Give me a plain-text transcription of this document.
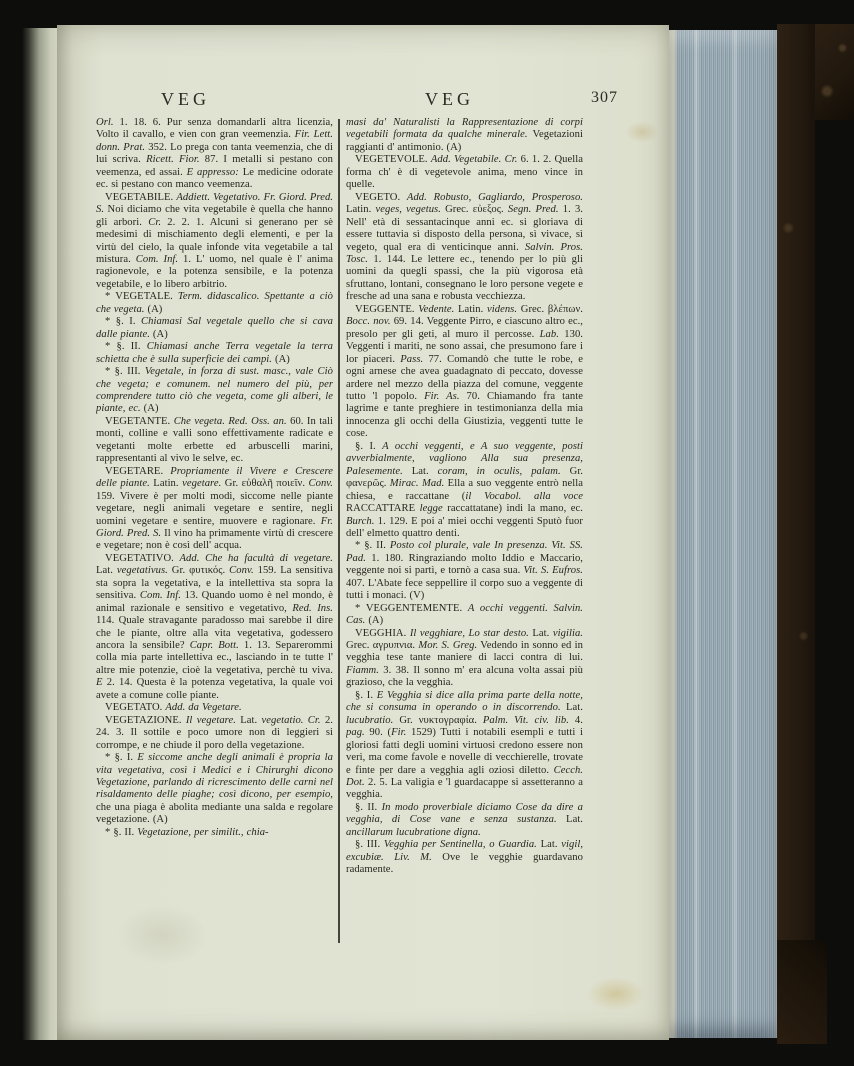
VEG	VEG	307

Orl. 1. 18. 6. Pur senza domandarli altra licenzia, Volto il cavallo, e vien con gran veemenzia. Fir. Lett. donn. Prat. 352. Lo prega con tanta veemenzia, che di lui scriva. Ricett. Fior. 87. I metalli si pestano con veemenza, ed assai. E appresso: Le medicine odorate ec. si pestano con manco veemenza.

VEGETABILE. Addiett. Vegetativo. Fr. Giord. Pred. S. Noi diciamo che vita vegetabile è quella che hanno gli arbori. Cr. 2. 2. 1. Alcuni si generano per sè medesimi di mischiamento degli elementi, e per la virtù del cielo, la quale infonde vita vegetabile a tal mistura. Com. Inf. 1. L' uomo, nel quale è l' anima ragionevole, e la potenza sensibile, e la potenza vegetabile, e lo libero arbitrio.

* VEGETALE. Term. didascalico. Spettante a ciò che vegeta. (A)

* §. I. Chiamasi Sal vegetale quello che si cava dalle piante. (A)

* §. II. Chiamasi anche Terra vegetale la terra schietta che è sulla superficie dei campi. (A)

* §. III. Vegetale, in forza di sust. masc., vale Ciò che vegeta; e comunem. nel numero del più, per comprendere tutto ciò che vegeta, come gli alberi, le piante, ec. (A)

VEGETANTE. Che vegeta. Red. Oss. an. 60. In tali monti, colline e valli sono effettivamente radicate e vegetanti molte erbette ed arbuscelli marini, rappresentanti al vivo le selve, ec.

VEGETARE. Propriamente il Vivere e Crescere delle piante. Latin. vegetare. Gr. εὐθαλῆ ποιεῖν. Conv. 159. Vivere è per molti modi, siccome nelle piante vegetare, negli animali vegetare e sentire, negli uomini vegetare e sentire, muovere e ragionare. Fr. Giord. Pred. S. Il vino ha primamente virtù di crescere e vegetare; non è così dell' acqua.

VEGETATIVO. Add. Che ha facultà di vegetare. Lat. vegetativus. Gr. φυτικός. Conv. 159. La sensitiva sta sopra la vegetativa, e la intellettiva sta sopra la sensitiva. Com. Inf. 13. Quando uomo è nel mondo, è animal razionale e sensitivo e vegetativo, Red. Ins. 114. Quale stravagante paradosso mai sarebbe il dire che le piante, oltre alla vita vegetativa, godessero ancora la sensibile? Capr. Bott. 1. 13. Separerommi colla mia parte intellettiva ec., lasciando in te tutte l' altre mie potenzie, cioè la vegetativa, perchè tu viva. E 2. 14. Questa è la potenza vegetativa, la quale voi avete a comune colle piante.

VEGETATO. Add. da Vegetare.

VEGETAZIONE. Il vegetare. Lat. vegetatio. Cr. 2. 24. 3. Il sottile e poco umore non di leggieri si corrompe, e ne chiude il poro della vegetazione.

* §. I. E siccome anche degli animali è propria la vita vegetativa, così i Medici e i Chirurghi dicono Vegetazione, parlando di ricrescimento delle carni nel risaldamento delle piaghe; così dicono, per esempio, che una piaga è abolita mediante una salda e regolare vegetazione. (A)

* §. II. Vegetazione, per similit., chia-

masi da' Naturalisti la Rappresentazione di corpi vegetabili formata da qualche minerale. Vegetazioni raggianti d' antimonio. (A)

VEGETEVOLE. Add. Vegetabile. Cr. 6. 1. 2. Quella forma ch' è di vegetevole anima, meno vince in quelle.

VEGETO. Add. Robusto, Gagliardo, Prosperoso. Latin. veges, vegetus. Grec. εὐεξος. Segn. Pred. 1. 3. Nell' età di sessantacinque anni ec. si gloriava di essere tuttavia sì disposto della persona, sì vivace, sì vegeto, qual era di venticinque anni. Salvin. Pros. Tosc. 1. 144. Le lettere ec., tenendo per lo più gli uomini da quegli spassi, che la più vigorosa età sfruttano, lontani, consegnano le loro persone vegete e fresche ad una sana e robusta vecchiezza.

VEGGENTE. Vedente. Latin. videns. Grec. βλέπων. Bocc. nov. 69. 14. Veggente Pirro, e ciascuno altro ec., presolo per gli geti, al muro il percosse. Lab. 130. Veggenti i mariti, ne sono assai, che presumono fare i lor piaceri. Pass. 77. Comandò che tutte le robe, e ogni arnese che avea guadagnato di peccato, dovesse ardere nel mezzo della piazza del comune, veggente tutto 'l popolo. Fir. As. 70. Chiamando fra tante lagrime e tante preghiere in testimonianza della mia innocenza gli occhi della Giustizia, veggenti tutte le cose.

§. I. A occhi veggenti, e A suo veggente, posti avverbialmente, vagliono Alla sua presenza, Palesemente. Lat. coram, in oculis, palam. Gr. φανερῶς. Mirac. Mad. Ella a suo veggente entrò nella chiesa, e raccattane (il Vocabol. alla voce RACCATTARE legge raccattatane) indi la mano, ec. Burch. 1. 129. E poi a' miei occhi veggenti Sputò fuor dell' elmetto quattro denti.

* §. II. Posto col plurale, vale In presenza. Vit. SS. Pad. 1. 180. Ringraziando molto Iddio e Maccario, veggente noi si partì, e tornò a casa sua. Vit. S. Eufros. 407. L'Abate fece seppellire il corpo suo a veggente di tutti i monaci. (V)

* VEGGENTEMENTE. A occhi veggenti. Salvin. Cas. (A)

VEGGHIA. Il vegghiare, Lo star desto. Lat. vigilia. Grec. αγρυπνια. Mor. S. Greg. Vedendo in sonno ed in vegghia tese tante maniere di lacci contra di lui. Fiamm. 3. 38. Il sonno m' era alcuna volta assai più grazioso, che la vegghia.

§. I. E Vegghia si dice alla prima parte della notte, che si consuma in operando o in discorrendo. Lat. lucubratio. Gr. νυκτογραφία. Palm. Vit. civ. lib. 4. pag. 90. (Fir. 1529) Tutti i notabili esempli e tutti i gloriosi fatti degli uomini virtuosi credono essere non veri, ma come favole e novelle di vecchierelle, trovate e finte per dare a vegghia agli oziosi diletto. Cecch. Dot. 2. 5. La valigia e 'l guardacappe si assetteranno a vegghia.

§. II. In modo proverbiale diciamo Cose da dire a vegghia, di Cose vane e senza sustanza. Lat. ancillarum lucubratione digna.

§. III. Vegghia per Sentinella, o Guardia. Lat. vigil, excubiæ. Liv. M. Ove le vegghie guardavano radamente.
